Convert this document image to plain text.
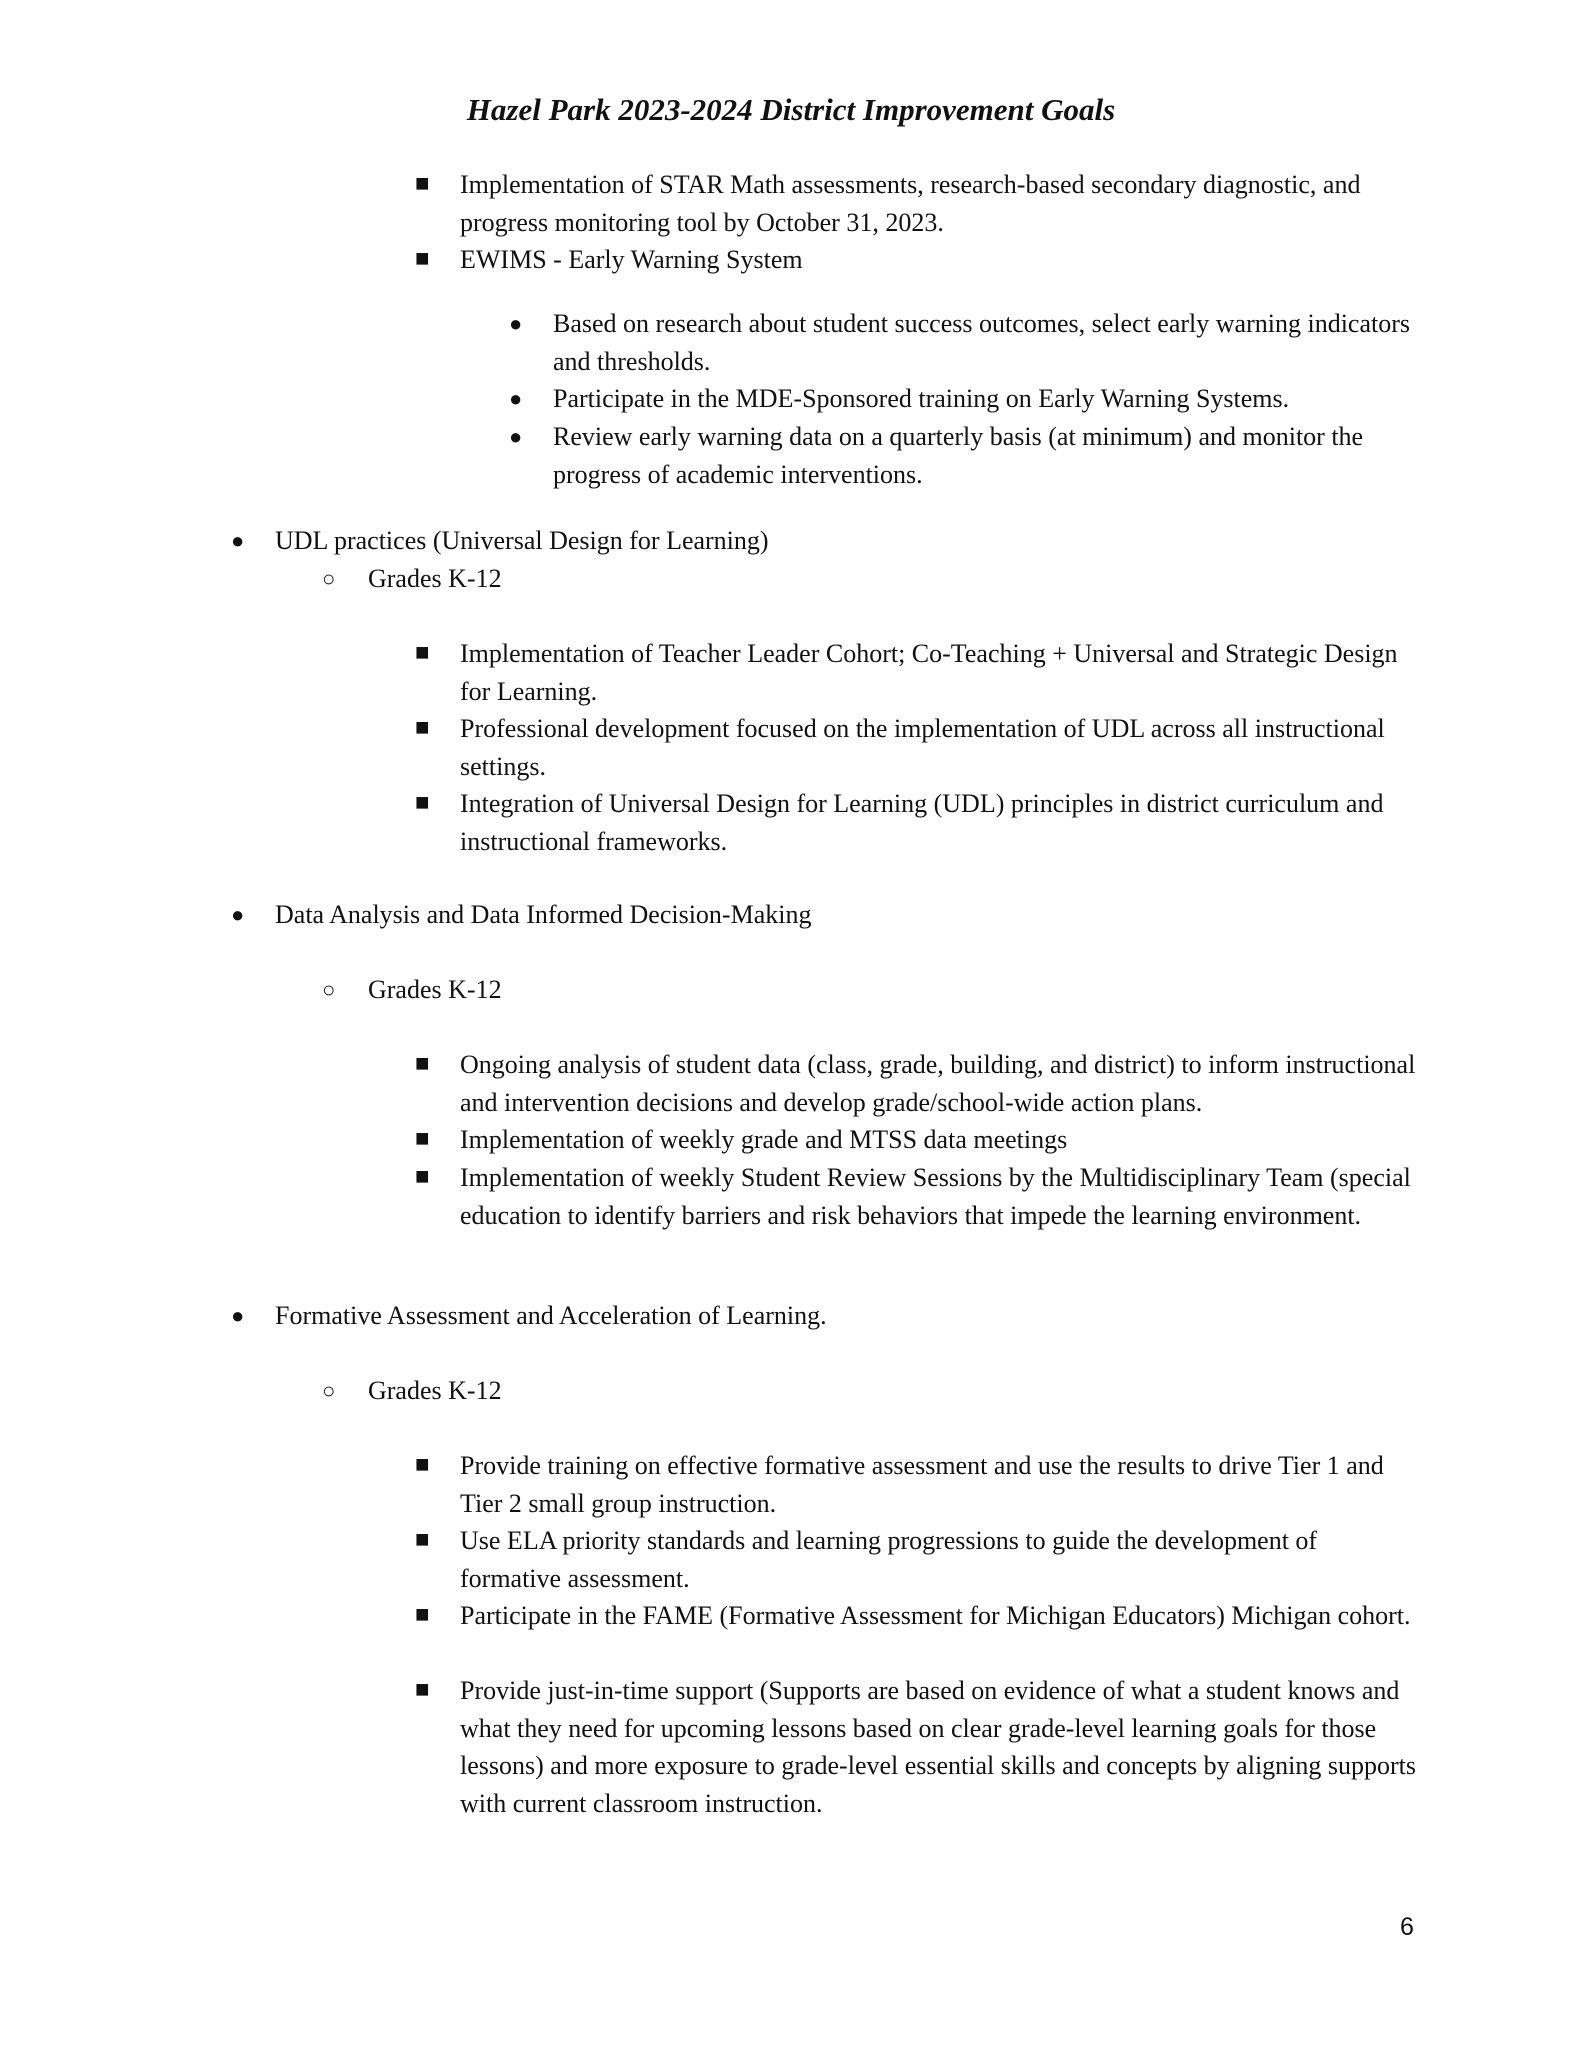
Hazel Park 2023-2024 District Improvement Goals
■ Implementation of STAR Math assessments, research-based secondary diagnostic, and progress monitoring tool by October 31, 2023.
■ EWIMS - Early Warning System
● Based on research about student success outcomes, select early warning indicators and thresholds.
● Participate in the MDE-Sponsored training on Early Warning Systems.
● Review early warning data on a quarterly basis (at minimum) and monitor the progress of academic interventions.
● UDL practices (Universal Design for Learning)
○ Grades K-12
■ Implementation of Teacher Leader Cohort; Co-Teaching + Universal and Strategic Design for Learning.
■ Professional development focused on the implementation of UDL across all instructional settings.
■ Integration of Universal Design for Learning (UDL) principles in district curriculum and instructional frameworks.
● Data Analysis and Data Informed Decision-Making
○ Grades K-12
■ Ongoing analysis of student data (class, grade, building, and district) to inform instructional and intervention decisions and develop grade/school-wide action plans.
■ Implementation of weekly grade and MTSS data meetings
■ Implementation of weekly Student Review Sessions by the Multidisciplinary Team (special education to identify barriers and risk behaviors that impede the learning environment.
● Formative Assessment and Acceleration of Learning.
○ Grades K-12
■ Provide training on effective formative assessment and use the results to drive Tier 1 and Tier 2 small group instruction.
■ Use ELA priority standards and learning progressions to guide the development of formative assessment.
■ Participate in the FAME (Formative Assessment for Michigan Educators) Michigan cohort.
■ Provide just-in-time support (Supports are based on evidence of what a student knows and what they need for upcoming lessons based on clear grade-level learning goals for those lessons) and more exposure to grade-level essential skills and concepts by aligning supports with current classroom instruction.
6
